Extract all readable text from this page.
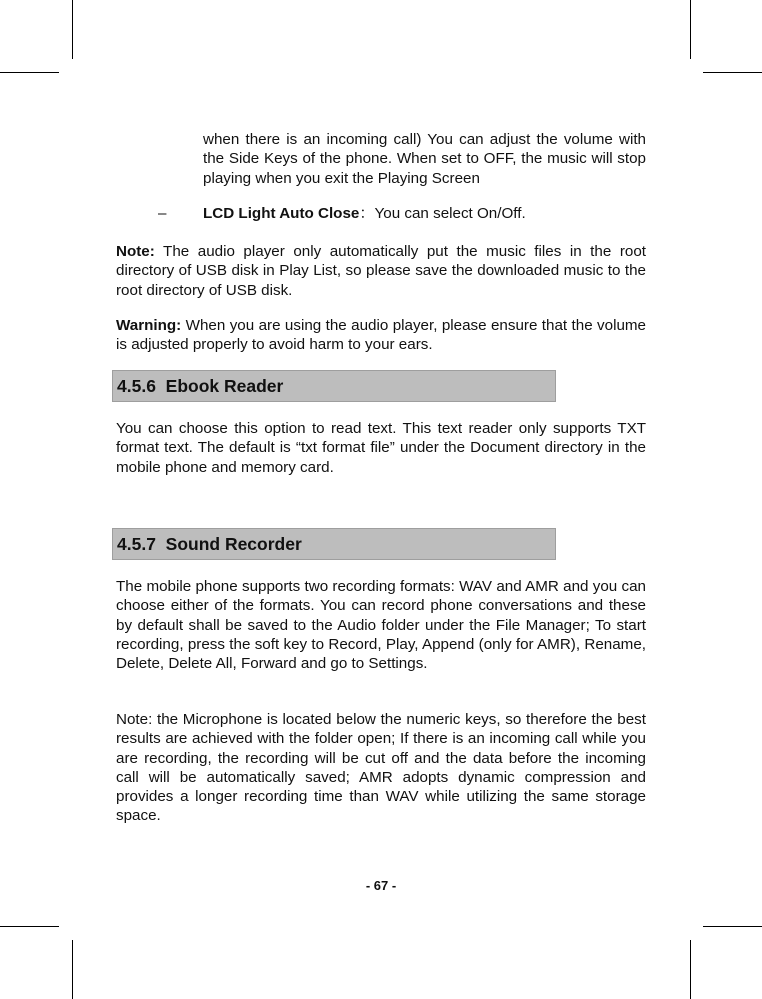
when there is an incoming call) You can adjust the volume with the Side Keys of the phone. When set to OFF, the music will stop playing when you exit the Playing Screen

– LCD Light Auto Close：You can select On/Off.

Note: The audio player only automatically put the music files in the root directory of USB disk in Play List, so please save the downloaded music to the root directory of USB disk.

Warning: When you are using the audio player, please ensure that the volume is adjusted properly to avoid harm to your ears.

4.5.6  Ebook Reader

You can choose this option to read text. This text reader only supports TXT format text. The default is “txt format file” under the Document directory in the mobile phone and memory card.

4.5.7  Sound Recorder

The mobile phone supports two recording formats: WAV and AMR and you can choose either of the formats. You can record phone conversations and these by default shall be saved to the Audio folder under the File Manager; To start recording, press the soft key to Record, Play, Append (only for AMR), Rename, Delete, Delete All, Forward and go to Settings.

Note: the Microphone is located below the numeric keys, so therefore the best results are achieved with the folder open; If there is an incoming call while you are recording, the recording will be cut off and the data before the incoming call will be automatically saved; AMR adopts dynamic compression and provides a longer recording time than WAV while utilizing the same storage space.

- 67 -
